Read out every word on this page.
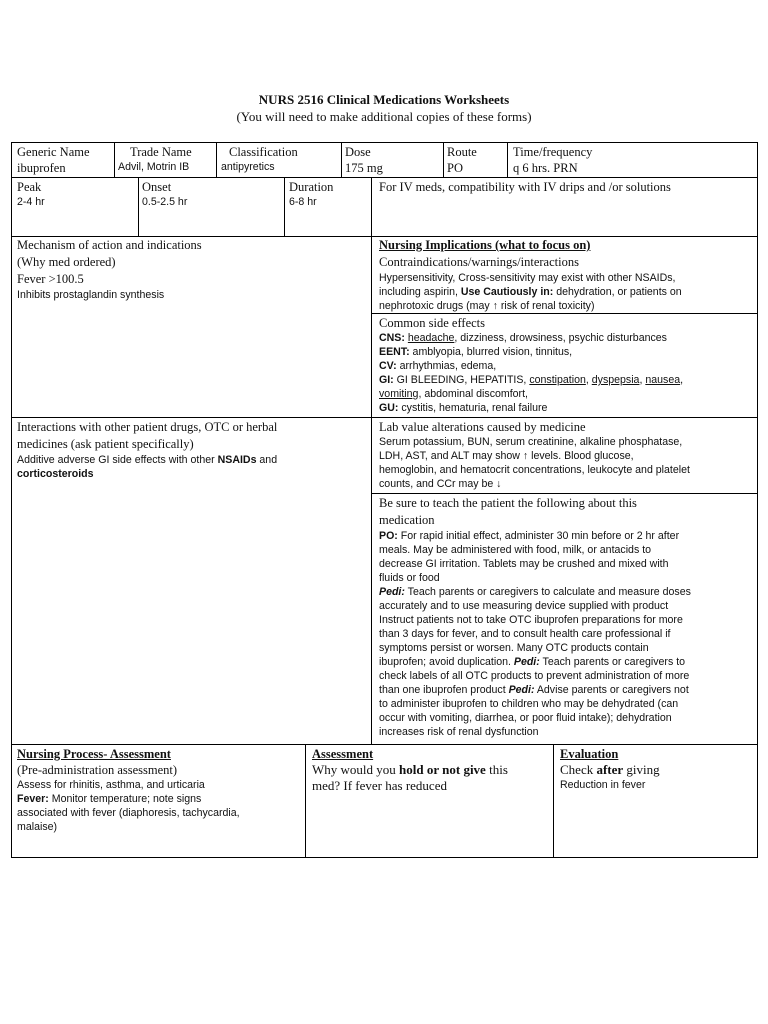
NURS 2516 Clinical Medications Worksheets
(You will need to make additional copies of these forms)

Generic Name

ibuprofen

Trade Name

Advil, Motrin IB

Classification

antipyretics

Dose

175 mg

Route

PO

Time/frequency

q 6 hrs. PRN

Peak

2-4 hr

Onset

0.5-2.5 hr

Duration

6-8 hr

For IV meds, compatibility with IV drips and /or solutions

Mechanism of action and indications

(Why med ordered)

Fever >100.5

Inhibits prostaglandin synthesis

Nursing Implications (what to focus on)

Contraindications/warnings/interactions

Hypersensitivity, Cross-sensitivity may exist with other NSAIDs,

including aspirin, Use Cautiously in: dehydration, or patients on

nephrotoxic drugs (may ↑ risk of renal toxicity)

Common side effects

CNS: headache, dizziness, drowsiness, psychic disturbances

EENT: amblyopia, blurred vision, tinnitus,

CV: arrhythmias, edema,

GI: GI BLEEDING, HEPATITIS, constipation, dyspepsia, nausea,

vomiting, abdominal discomfort,

GU: cystitis, hematuria, renal failure

Interactions with other patient drugs, OTC or herbal

medicines (ask patient specifically)

Additive adverse GI side effects with other NSAIDs and

corticosteroids

Lab value alterations caused by medicine

Serum potassium, BUN, serum creatinine, alkaline phosphatase,

LDH, AST, and ALT may show ↑ levels. Blood glucose,

hemoglobin, and hematocrit concentrations, leukocyte and platelet

counts, and CCr may be ↓

Be sure to teach the patient the following about this

medication

PO: For rapid initial effect, administer 30 min before or 2 hr after

meals. May be administered with food, milk, or antacids to

decrease GI irritation. Tablets may be crushed and mixed with

fluids or food

Pedi: Teach parents or caregivers to calculate and measure doses

accurately and to use measuring device supplied with product

Instruct patients not to take OTC ibuprofen preparations for more

than 3 days for fever, and to consult health care professional if

symptoms persist or worsen. Many OTC products contain

ibuprofen; avoid duplication. Pedi: Teach parents or caregivers to

check labels of all OTC products to prevent administration of more

than one ibuprofen product Pedi: Advise parents or caregivers not

to administer ibuprofen to children who may be dehydrated (can

occur with vomiting, diarrhea, or poor fluid intake); dehydration

increases risk of renal dysfunction

Nursing Process- Assessment

(Pre-administration assessment)

Assess for rhinitis, asthma, and urticaria

Fever: Monitor temperature; note signs

associated with fever (diaphoresis, tachycardia,

malaise)

Assessment

Why would you hold or not give this

med? If fever has reduced

Evaluation

Check after giving

Reduction in fever
